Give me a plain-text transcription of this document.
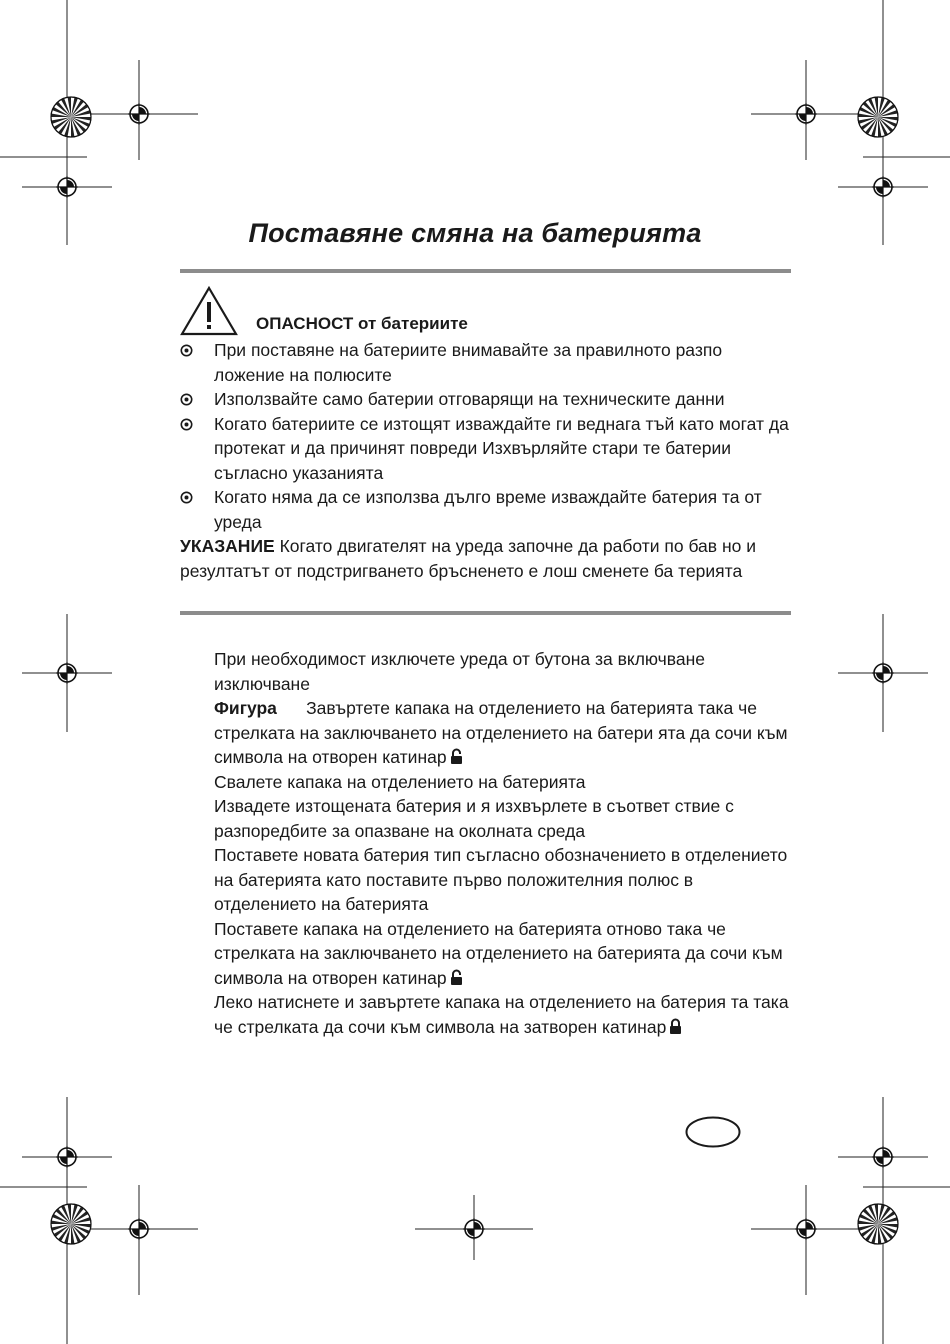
Поставяне смяна на батерията
ОПАСНОСТ от батериите
При поставяне на батериите внимавайте за правилното разпо ложение на полюсите
Използвайте само батерии отговарящи на техническите данни
Когато батериите се изтощят изваждайте ги веднага тъй като могат да протекат и да причинят повреди Изхвърляйте стари те батерии съгласно указанията
Когато няма да се използва дълго време изваждайте батерия та от уреда
УКАЗАНИЕ Когато двигателят на уреда започне да работи по бав но и резултатът от подстригването бръсненето е лош сменете ба терията

При необходимост изключете уреда от бутона за включване изключване

Фигура Завъртете капака на отделението на батерията така че стрелката на заключването на отделението на батери ята да сочи към символа на отворен катинар

Свалете капака на отделението на батерията

Извадете изтощената батерия и я изхвърлете в съответ ствие с разпоредбите за опазване на околната среда

Поставете новата батерия тип съгласно обозначението в отделението на батерията като поставите първо положителния полюс в отделението на батерията

Поставете капака на отделението на батерията отново така че стрелката на заключването на отделението на батерията да сочи към символа на отворен катинар

Леко натиснете и завъртете капака на отделението на батерия та така че стрелката да сочи към символа на затворен катинар
